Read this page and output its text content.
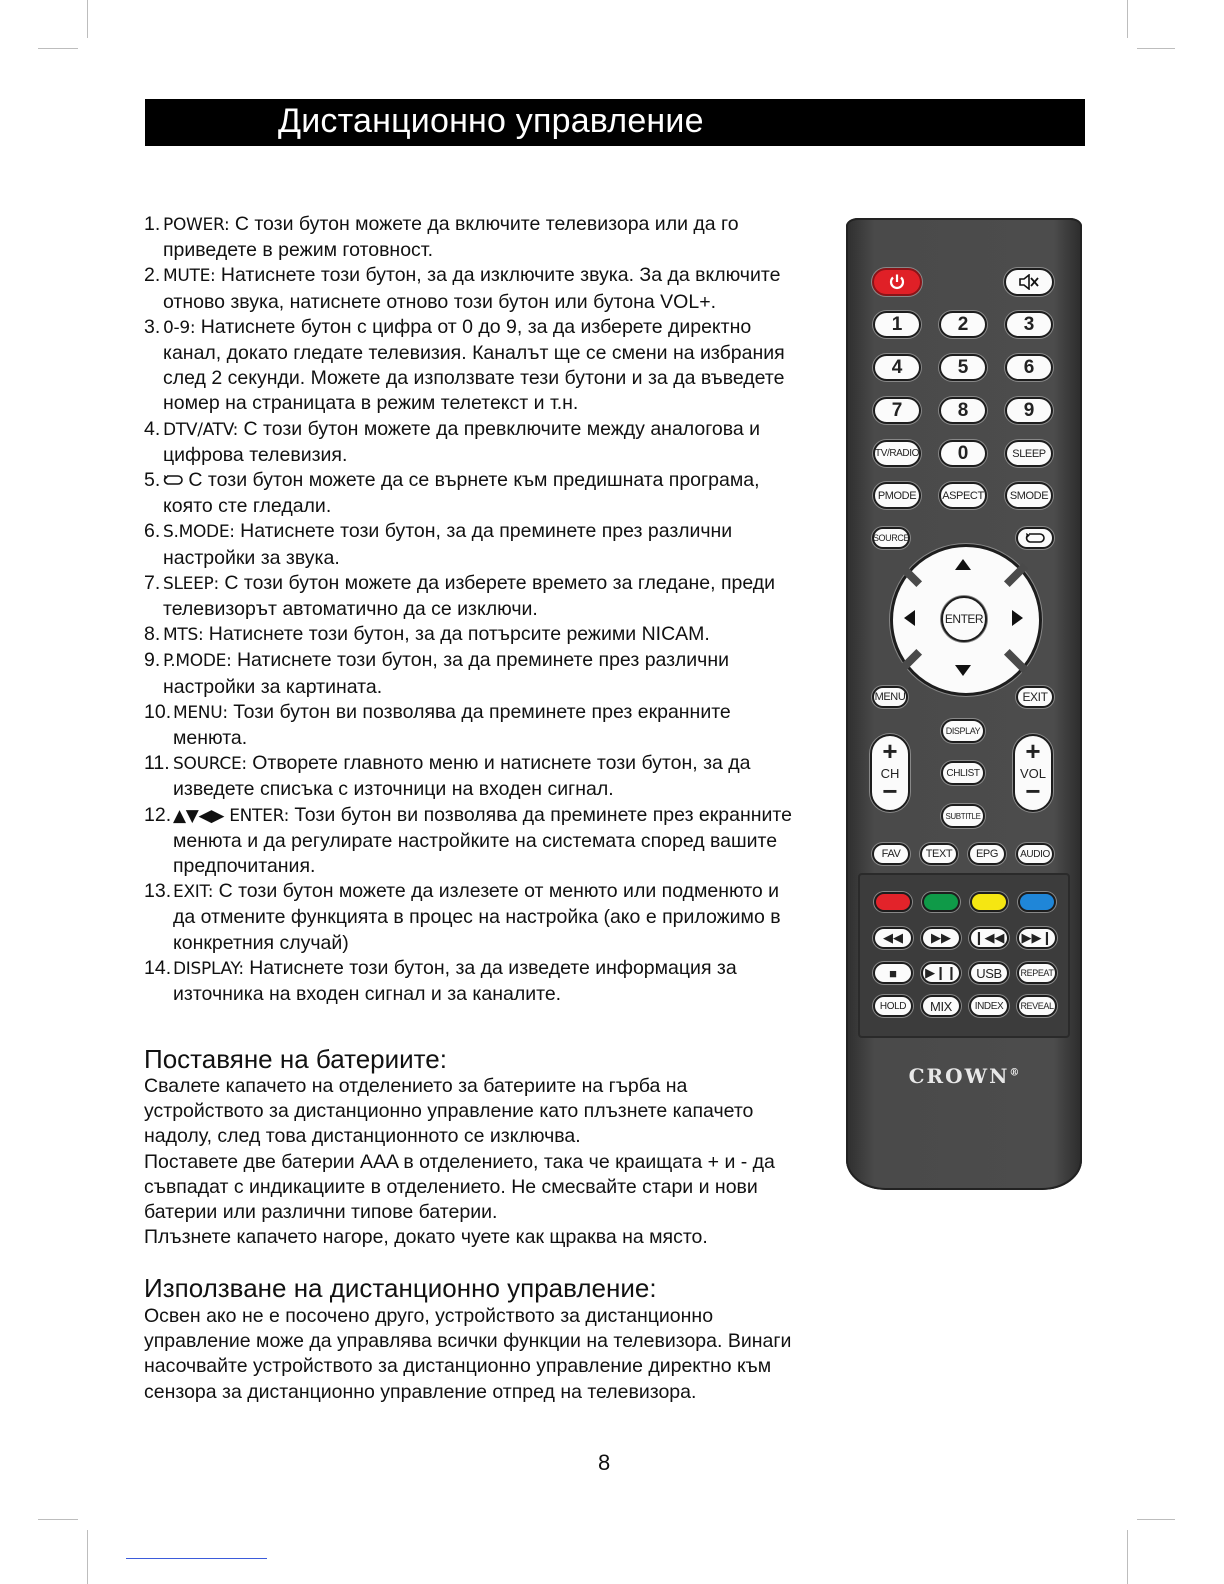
Дистанционно управление
1. POWER: С този бутон можете да включите телевизора или да го приведете в режим готовност.
2. MUTE: Натиснете този бутон, за да изключите звука. За да включите отново звука, натиснете отново този бутон или бутона VOL+.
3. 0-9: Натиснете бутон с цифра от 0 до 9, за да изберете директно канал, докато гледате телевизия. Каналът ще се смени на избрания след 2 секунди. Можете да използвате тези бутони и за да въведете номер на страницата в режим телетекст и т.н.
4. DTV/ATV: С този бутон можете да превключите между аналогова и цифрова телевизия.
5. С този бутон можете да се върнете към предишната програма, която сте гледали.
6. S.MODE: Натиснете този бутон, за да преминете през различни настройки за звука.
7. SLEEP: С този бутон можете да изберете времето за гледане, преди телевизорът автоматично да се изключи.
8. MTS: Натиснете този бутон, за да потърсите режими NICAM.
9. P.MODE: Натиснете този бутон, за да преминете през различни настройки за картината.
10. MENU: Този бутон ви позволява да преминете през екранните менюта.
11. SOURCE: Отворете главното меню и натиснете този бутон, за да изведете списъка с източници на входен сигнал.
12. ▲▼◀▶ ENTER: Този бутон ви позволява да преминете през екранните менюта и да регулирате настройките на системата според вашите предпочитания.
13. EXIT: С този бутон можете да излезете от менюто или подменюто и да отмените функцията в процес на настройка (ако е приложимо в конкретния случай)
14. DISPLAY: Натиснете този бутон, за да изведете информация за източника на входен сигнал и за каналите.
Поставяне на батериите:
Свалете капачето на отделението за батериите на гърба на устройството за дистанционно управление като плъзнете капачето надолу, след това дистанционното се изключва.
Поставете две батерии AAA в отделението, така че краищата + и - да съвпадат с индикациите в отделението. Не смесвайте стари и нови батерии или различни типове батерии.
Плъзнете капачето нагоре, докато чуете как щраква на място.
Използване на дистанционно управление:
Освен ако не е посочено друго, устройството за дистанционно управление може да управлява всички функции на телевизора. Винаги насочвайте устройството за дистанционно управление директно към сензора за дистанционно управление отпред на телевизора.
8
1	2	3
4	5	6
7	8	9
TV/RADIO	0	SLEEP
PMODE	ASPECT	SMODE
SOURCE
ENTER
MENU	EXIT
DISPLAY
CHLIST
SUBTITLE
+
CH
−
+
VOL
−
FAV	TEXT	EPG	AUDIO
◀◀ ▶▶ ❙◀◀ ▶▶❙
■ ▶❙❙	USB	REPEAT
HOLD	MIX	INDEX	REVEAL
CROWN®
